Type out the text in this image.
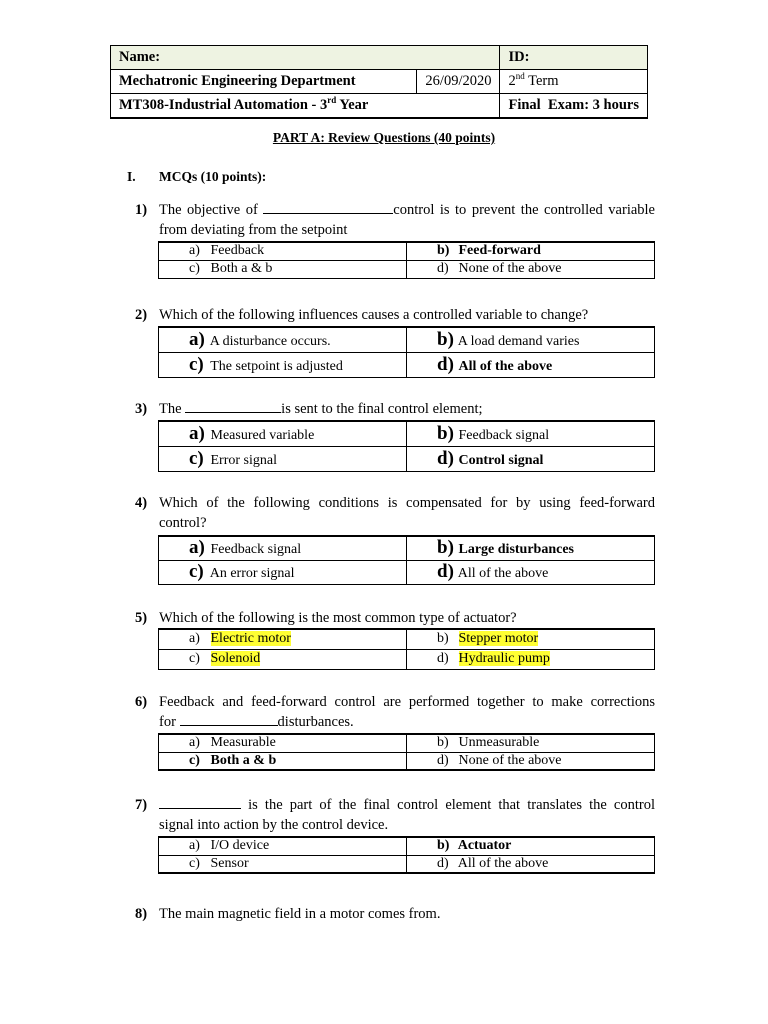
Name:		ID:
Mechatronic Engineering Department	26/09/2020	2nd Term
MT308-Industrial Automation - 3rd Year		Final  Exam: 3 hours
PART A: Review Questions (40 points)
I. MCQs (10 points):
1) The objective of	control is to prevent the controlled variable from deviating from the setpoint
a) Feedback	b) Feed-forward
c) Both a & b	d) None of the above
2) Which of the following influences causes a controlled variable to change?
a) A disturbance occurs.	b) A load demand varies
c) The setpoint is adjusted	d) All of the above
3) The	is sent to the final control element;
a) Measured variable	b) Feedback signal
c) Error signal	d) Control signal
4) Which of the following conditions is compensated for by using feed-forward
control?
a) Feedback signal	b) Large disturbances
c) An error signal	d) All of the above
5) Which of the following is the most common type of actuator?
a) Electric motor	b) Stepper motor
c) Solenoid	d) Hydraulic pump
6) Feedback and feed-forward control are performed together to make corrections
for	disturbances.
a) Measurable	b) Unmeasurable
c) Both a & b	d) None of the above
7)	is the part of the final control element that translates the control
signal into action by the control device.
a) I/O device	b) Actuator
c) Sensor	d) All of the above
8) The main magnetic field in a motor comes from.
